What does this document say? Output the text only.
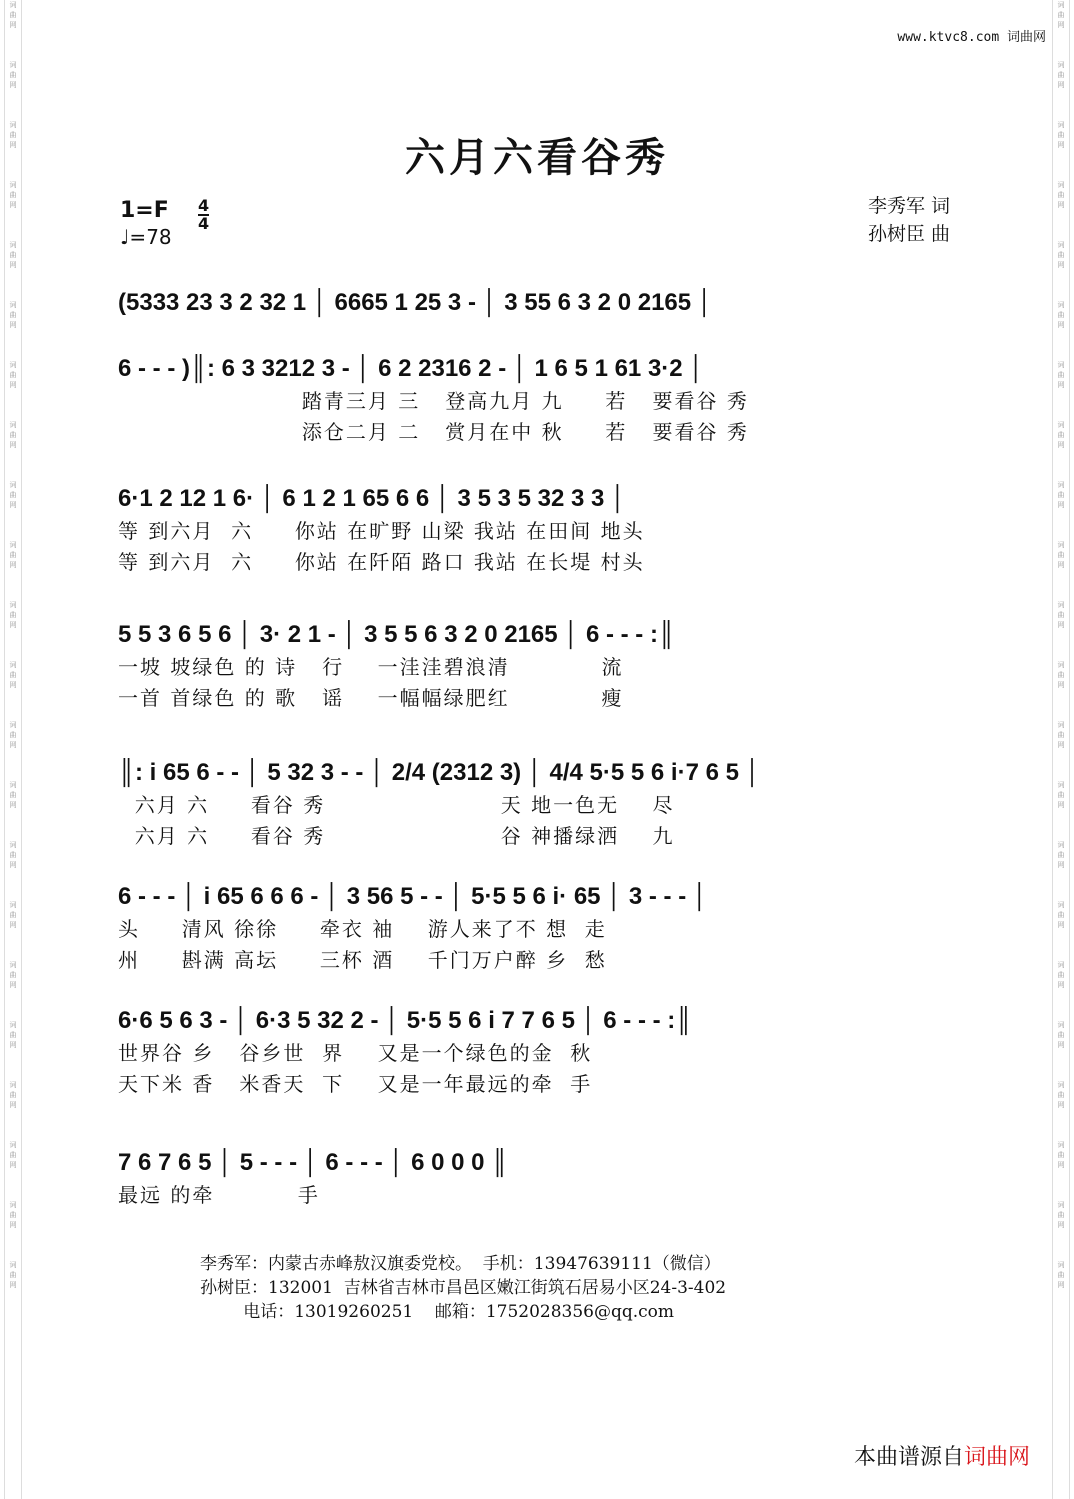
词
曲
网
词
曲
网
词
曲
网
词
曲
网
词
曲
网
词
曲
网
词
曲
网
词
曲
网
词
曲
网
词
曲
网
词
曲
网
词
曲
网
词
曲
网
词
曲
网
词
曲
网
词
曲
网
词
曲
网
词
曲
网
词
曲
网
词
曲
网
词
曲
网
词
曲
网
词
曲
网
词
曲
网
词
曲
网
词
曲
网
词
曲
网
词
曲
网
词
曲
网
词
曲
网
词
曲
网
词
曲
网
词
曲
网
词
曲
网
词
曲
网
词
曲
网
词
曲
网
词
曲
网
词
曲
网
词
曲
网
词
曲
网
词
曲
网
词
曲
网
词
曲
网
www.ktvc8.com 词曲网
六月六看谷秀
1=F 4
4
♩=78
李秀军 词
孙树臣 曲
(5333 23 3 2 32 1 │ 6665 1 25 3 - │ 3 55 6 3 2 0 2165 │
6 - - - )║: 6 3 3212 3 - │ 6 2 2316 2 - │ 1 6 5 1 61 3·2 │
踏青三月 三   登高九月 九     若   要看谷 秀
添仓二月 二   赏月在中 秋     若   要看谷 秀
6·1 2 12 1 6· │ 6 1 2 1 65 6 6 │ 3 5 3 5 32 3 3 │
等 到六月  六     你站 在旷野 山梁 我站 在田间 地头
等 到六月  六     你站 在阡陌 路口 我站 在长堤 村头
5 5 3 6 5 6 │ 3· 2 1 - │ 3 5 5 6 3 2 0 2165 │ 6 - - - :║
一坡 坡绿色 的 诗   行    一洼洼碧浪清           流
一首 首绿色 的 歌   谣    一幅幅绿肥红           瘦
║: i 65 6 - - │ 5 32 3 - - │ 2/4 (2312 3) │ 4/4 5·5 5 6 i·7 6 5 │
六月 六     看谷 秀                     天 地一色无    尽
六月 六     看谷 秀                     谷 神播绿洒    九
6 - - - │ i 65 6 6 6 - │ 3 56 5 - - │ 5·5 5 6 i· 65 │ 3 - - - │
头     清风 徐徐     牵衣 袖    游人来了不 想  走
州     斟满 高坛     三杯 酒    千门万户醉 乡  愁
6·6 5 6 3 - │ 6·3 5 32 2 - │ 5·5 5 6 i 7 7 6 5 │ 6 - - - :║
世界谷 乡   谷乡世  界    又是一个绿色的金  秋
天下米 香   米香天  下    又是一年最远的牵  手
7 6 7 6 5 │ 5 - - - │ 6 - - - │ 6 0 0 0 ║
最远 的牵          手
李秀军：内蒙古赤峰敖汉旗委党校。  手机：13947639111（微信）
孙树臣：132001  吉林省吉林市昌邑区嫩江街筑石居易小区24-3-402
电话：13019260251    邮箱：1752028356@qq.com
本曲谱源自词曲网
